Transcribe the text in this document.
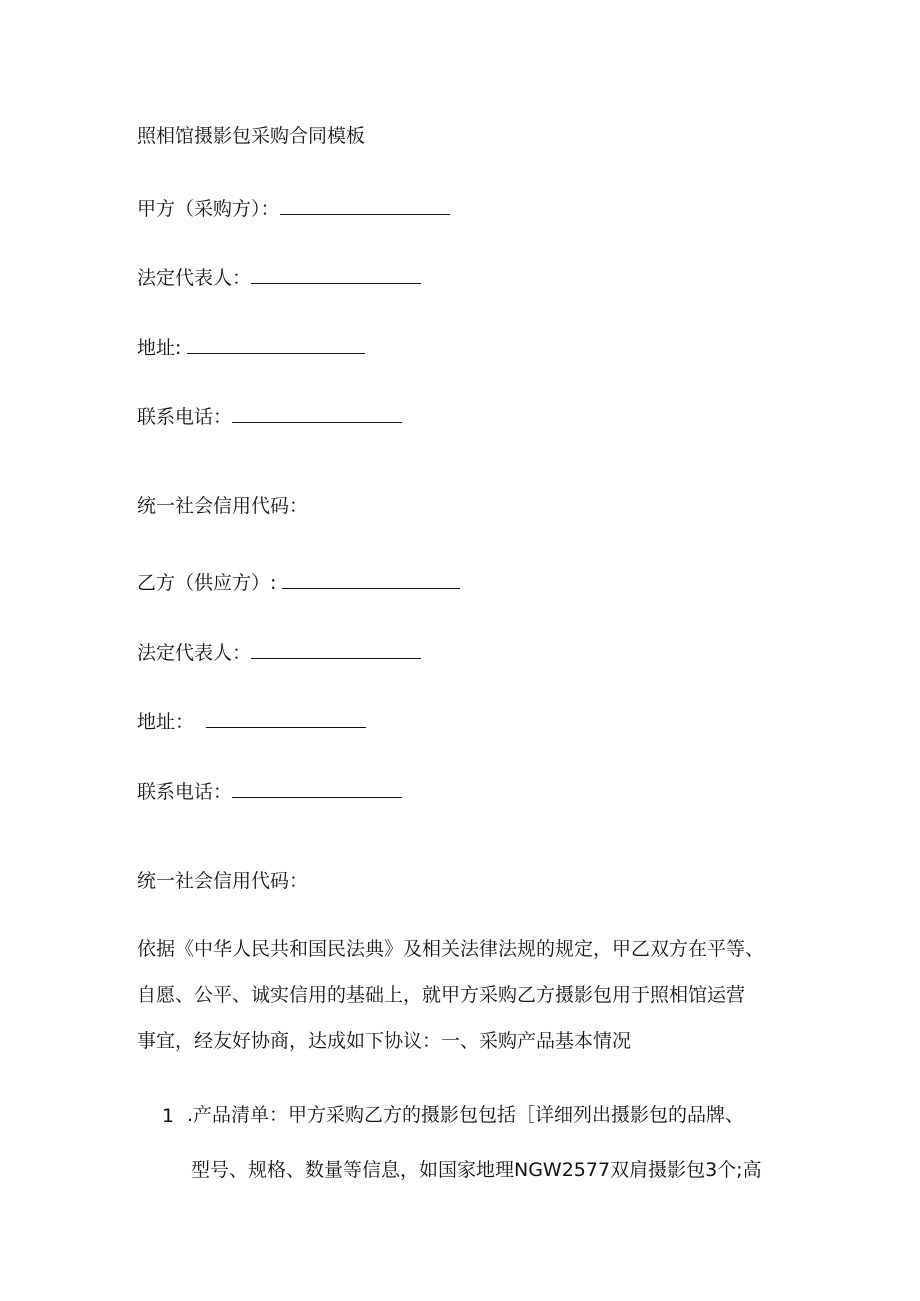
照相馆摄影包采购合同模板
甲方（采购方）：
法定代表人：
地址:
联系电话：
统一社会信用代码：
乙方（供应方）:
法定代表人：
地址：
联系电话：
统一社会信用代码：
依据《中华人民共和国民法典》及相关法律法规的规定，甲乙双方在平等、
自愿、公平、诚实信用的基础上，就甲方采购乙方摄影包用于照相馆运营
事宜，经友好协商，达成如下协议：一、采购产品基本情况
1 .产品清单：甲方采购乙方的摄影包包括［详细列出摄影包的品牌、
型号、规格、数量等信息，如国家地理NGW2577双肩摄影包3个;高
